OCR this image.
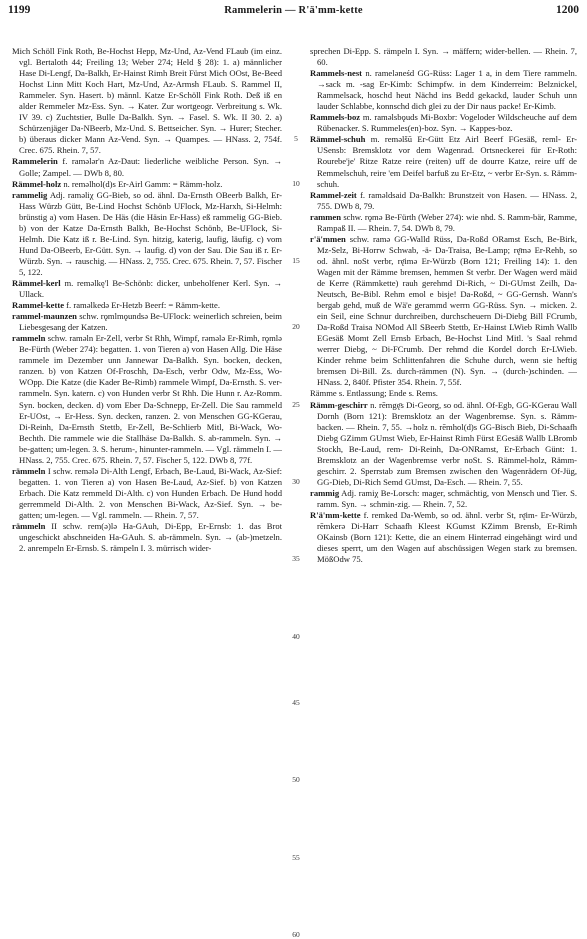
1199	Rammelerin — R'ä'mm-kette	1200

Mich Schöll Fink Roth, Be-Hochst Hepp, Mz-Und, Az-Vend FLaub (im einz. vgl. Bertaloth 44; Freiling 13; Weber 274; Held § 28): 1. a) männlicher Hase Di-Lengf, Da-Balkh, Er-Hainst Rimh Breit Fürst Mich OOst, Be-Beed Hochst Linn Mitt Koch Hart, Mz-Und, Az-Armsh FLaub. S. Rammel II, Rammeler. Syn. Hasert. b) männl. Katze Er-Schöll Fink Roth. Deß iß en alder Remmeler Mz-Ess. Syn. → Kater. Zur wortgeogr. Verbreitung s. Wk. IV 39. c) Zuchtstier, Bulle Da-Balkh. Syn. → Fasel. S. Wk. II 30. 2. a) Schürzenjäger Da-NBeerb, Mz-Und. S. Bettseicher. Syn. → Hurer; Stecher. b) überaus dicker Mann Az-Vend. Syn. → Quampes. — HNass. 2, 754f. Crec. 675. Rhein. 7, 57.

Rammelerin f. ramələr'n Az-Daut: liederliche weibliche Person. Syn. → Golle; Zampel. — DWb 8, 80.

Rämmel-holz n. remǝlhol(d)s Er-Airl Gamm: = Rämm-holz.

rammelig Adj. raməliχ GG-Bieb, so od. ähnl. Da-Ernsth OBeerb Balkh, Er-Hass Würzb Gütt, Be-Lind Hochst Schönb UFlock, Mz-Harxh, Si-Helmh: brünstig a) vom Hasen. De Häs (die Häsin Er-Hass) eß rammelig GG-Bieb. b) von der Katze Da-Ernsth Balkh, Be-Hochst Schönb, Be-UFlock, Si-Helmh. Die Katz iß r. Be-Lind. Syn. hitzig, katerig, laufig, läufig. c) vom Hund Da-OBeerb, Er-Gütt. Syn. → laufig. d) von der Sau. Die Sau iß r. Er-Würzb. Syn. → rauschig. — HNass. 2, 755. Crec. 675. Rhein. 7, 57. Fischer 5, 122.

Rämmel-kerl m. remǝlkę'l Be-Schönb: dicker, unbeholfener Kerl. Syn. → Ullack.

Rammel-kette f. raməlkedə Er-Hetzb Beerf: = Rämm-kette.

rammel-maunzen schw. rǫmlmǫundsə Be-UFlock: weinerlich schreien, beim Liebesgesang der Katzen.

rammeln schw. raməln Er-Zell, verbr St Rhh, Wimpf, rǝmǝlə Er-Rimh, rǫmlə Be-Fürth (Weber 274): begatten. 1. von Tieren a) von Hasen Allg. Die Häse rammele im Dezember unn Jannewar Da-Balkh. Syn. bocken, decken, ranzen. b) von Katzen Of-Froschh, Da-Esch, verbr Odw, Mz-Ess, Wo-WOpp. Die Katze (die Kader Be-Rimb) rammele Wimpf, Da-Ernsth. S. ver-rammeln. Syn. katern. c) von Hunden verbr St Rhh. Die Hunn r. Az-Romm. Syn. bocken, decken. d) vom Eber Da-Schnepp, Er-Zell. Die Sau rammeld Er-UOst, → Er-Hess. Syn. decken, ranzen. 2. von Menschen GG-KGerau, Di-Reinh, Da-Ernsth Stettb, Er-Zell, Be-Schlierb Mitl, Bi-Wack, Wo-Bechth. Die rammele wie die Stallhäse Da-Balkh. S. ab-rammeln. Syn. → be-gatten; um-legen. 3. S. herum-, hinunter-rammeln. — Vgl. rämmeln I. — HNass. 2, 755. Crec. 675. Rhein. 7, 57. Fischer 5, 122. DWb 8, 77f.

rämmeln I schw. remələ Di-Alth Lengf, Erbach, Be-Laud, Bi-Wack, Az-Sief: begatten. 1. von Tieren a) von Hasen Be-Laud, Az-Sief. b) von Katzen Erbach. Die Katz remmeld Di-Alth. c) von Hunden Erbach. De Hund hodd gerremmeld Di-Alth. 2. von Menschen Bi-Wack, Az-Sief. Syn. → be-gatten; um-legen. — Vgl. rammeln. — Rhein. 7, 57.

rämmeln II schw. rem(ǝ)lǝ Ha-GAuh, Di-Epp, Er-Ernsb: 1. das Brot ungeschickt abschneiden Ha-GAuh. S. ab-rämmeln. Syn. → (ab-)metzeln. 2. anrempeln Er-Ernsb. S. rämpeln I. 3. mürrisch wider-

5
10
15
20
25
30
35
40
45
50
55
60

sprechen Di-Epp. S. rämpeln I. Syn. → mäffern; wider-bellen. — Rhein. 7, 60.

Rammels-nest n. rameləneśd GG-Rüss: Lager 1 a, in dem Tiere rammeln. →sack m. -sag Er-Kimb: Schimpfw. in dem Kinderreim: Belznickel, Rammelsack, hoschd heut Nächd ins Bedd gekackd, lauder Schuh unn lauder Schlabbe, konnschd dich glei zu der Dir naus packe! Er-Kimb.

Rammels-boz m. raməlsbǫuds Mi-Boxbr: Vogeloder Wildscheuche auf dem Rübenacker. S. Rummeles(en)-boz. Syn. → Kappes-boz.

Rämmel-schuh m. remǝlšū Er-Gütt Etz Airl Beerf FGesäß, reml- Er-USensb: Bremsklotz vor dem Wagenrad. Ortsneckerei für Er-Roth: Rourebe'je' Ritze Ratze reire (reiten) uff de dourre Katze, reire uff de Remmelschuh, reire 'em Deifel barfuß zu Er-Etz, ~ verbr Er-Syn. s. Rämm-schuh.

Rammel-zeit f. raməldsaid Da-Balkh: Brunstzeit von Hasen. — HNass. 2, 755. DWb 8, 79.

rammen schw. rǫmə Be-Fürth (Weber 274): wie nhd. S. Ramm-bär, Ramme, Rampaß II. — Rhein. 7, 54. DWb 8, 79.

r'ä'mmen schw. ramə GG-Walld Rüss, Da-Roßd ORamst Esch, Be-Birk, Mz-Selz, Bi-Horrw Schwab, -ä- Da-Traisa, Be-Lamp; rę̄mə Er-Rehb, so od. ähnl. noSt verbr, rę̄imə Er-Würzb (Born 121; Freiling 14): 1. den Wagen mit der Rämme bremsen, hemmen St verbr. Der Wagen werd mäid de Kerre (Rämmkette) rauh gerehmd Di-Rich, ~ Di-GUmst Zeilh, Da-Neutsch, Be-Bibl. Rehm emol e bisje! Da-Roßd, ~ GG-Gernsh. Wann's bergab gehd, muß de Wä'e gerammd werrn GG-Rüss. Syn. → micken. 2. ein Seil, eine Schnur durchreiben, durchscheuern Di-Diebg Bill FCrumb, Da-Roßd Traisa NOMod All SBeerb Stettb, Er-Hainst LWieb Rimh Wallb EGesäß Momt Zell Ernsb Erbach, Be-Hochst Lind Mitl. 's Saal rehmd werrer Diebg, ~ Di-FCrumb. Der rehmd die Kordel dorch Er-LWieb. Kinder rehme beim Schlittenfahren die Schuhe durch, wenn sie heftig bremsen Di-Bill. Zs. durch-rämmen (N). Syn. → (durch-)schinden. — HNass. 2, 840f. Pfister 354. Rhein. 7, 55f.

Rämme s. Entlassung; Ende s. Rems.

Rämm-geschirr n. rēmgę̄s Di-Georg, so od. ähnl. Of-Egb, GG-KGerau Wall Dornh (Born 121): Bremsklotz an der Wagenbremse. Syn. s. Rämm-backen. — Rhein. 7, 55. →holz n. rēmhol(d)s GG-Bisch Bieb, Di-Schaafh Diebg GZimm GUmst Wieb, Er-Hainst Rimh Fürst EGesäß Wallb LBromb Stockh, Be-Laud, rem- Di-Reinh, Da-ONRamst, Er-Erbach Günt: 1. Bremsklotz an der Wagenbremse verbr noSt. S. Rämmel-holz, Rämm-geschirr. 2. Sperrstab zum Bremsen zwischen den Wagenrädern Of-Jüg, GG-Dieb, Di-Rich Semd GUmst, Da-Esch. — Rhein. 7, 55.

rammig Adj. ramiχ Be-Lorsch: mager, schmächtig, von Mensch und Tier. S. ramm. Syn. → schmin-zig. — Rhein. 7, 52.

R'ä'mm-kette f. remked Da-Wemb, so od. ähnl. verbr St, rę̄im- Er-Würzb, rēmkerə Di-Harr Schaafh Kleest KGumst KZimm Brensb, Er-Rimh OKainsb (Born 121): Kette, die an einem Hinterrad eingehängt wird und dieses sperrt, um den Wagen auf abschüssigen Wegen stark zu bremsen. MößOdw 75.
